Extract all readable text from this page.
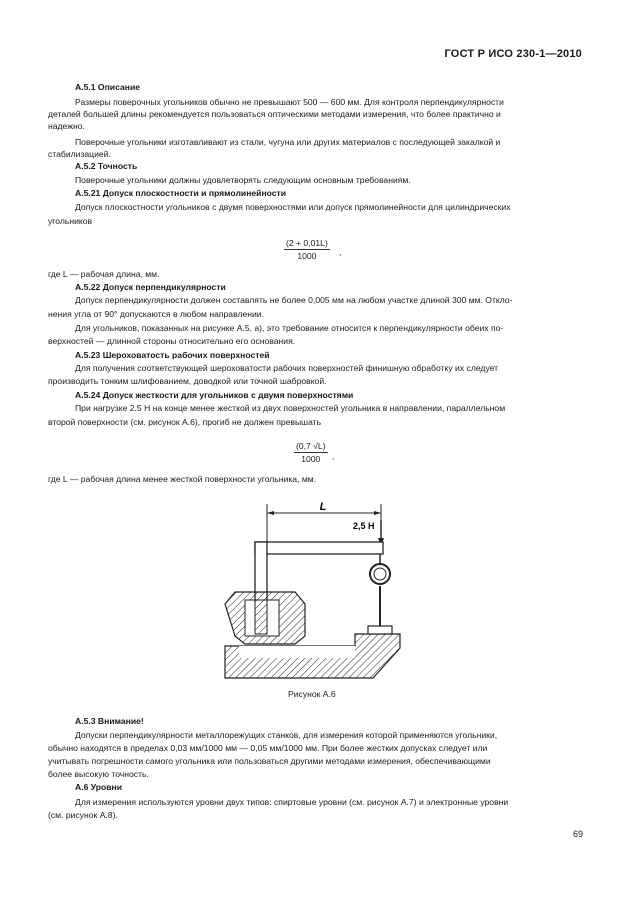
ГОСТ Р ИСО 230-1—2010
А.5.1 Описание
Размеры поверочных угольников обычно не превышают 500 — 600 мм. Для контроля перпендикулярности
деталей большей длины рекомендуется пользоваться оптическими методами измерения, что более практично и
надежно.
Поверочные угольники изготавливают из стали, чугуна или других материалов с последующей закалкой и
стабилизацией.
А.5.2 Точность
Поверочные угольники должны удовлетворять следующим основным требованиям.
А.5.21 Допуск плоскостности и прямолинейности
Допуск плоскостности угольников с двумя поверхностями или допуск прямолинейности для цилиндрических
угольников
$\frac{(2 + 0,01L)}{1000}$ ,
где L — рабочая длина, мм.
А.5.22 Допуск перпендикулярности
Допуск перпендикулярности должен составлять не более 0,005 мм на любом участке длиной 300 мм. Откло-
нения угла от 90° допускаются в любом направлении.
Для угольников, показанных на рисунке А.5, а), это требование относится к перпендикулярности обеих по-
верхностей — длинной стороны относительно его основания.
А.5.23 Шероховатость рабочих поверхностей
Для получения соответствующей шероховатости рабочих поверхностей финишную обработку их следует
производить тонким шлифованием, доводкой или точной шабровкой.
А.5.24 Допуск жесткости для угольников с двумя поверхностями
При нагрузке 2.5 Н на конце менее жесткой из двух поверхностей угольника в направлении, параллельном
второй поверхности (см. рисунок А.6), прогиб не должен превышать
$\frac{(0,7 √L)}{1000}$ ,
где L — рабочая длина менее жесткой поверхности угольника, мм.
L
2,5 Н
Рисунок А.6
А.5.3 Внимание!
Допуски перпендикулярности металлорежущих станков, для измерения которой применяются угольники,
обычно находятся в пределах 0,03 мм/1000 мм — 0,05 мм/1000 мм. При более жестких допусках следует или
учитывать погрешности самого угольника или пользоваться другими методами измерения, обеспечивающими
более высокую точность.
А.6 Уровни
Для измерения используются уровни двух типов: спиртовые уровни (см. рисунок А.7) и электронные уровни
(см. рисунок А.8).
69
